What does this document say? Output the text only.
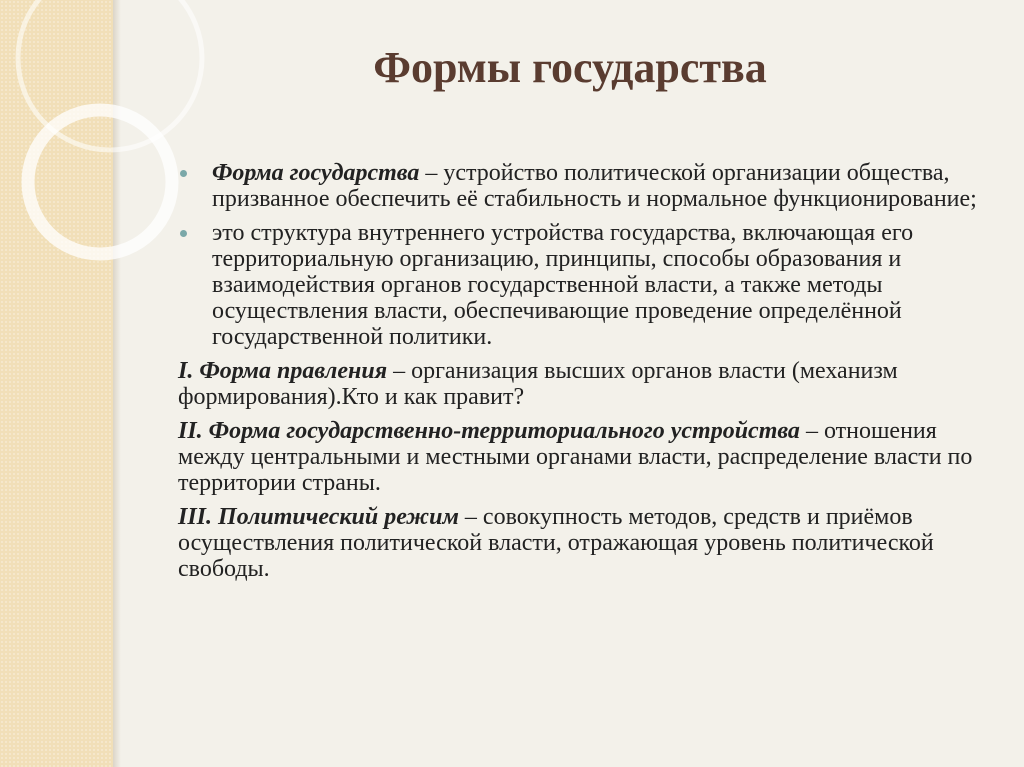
Формы государства
Форма государства – устройство политической организации общества, призванное обеспечить её стабильность и нормальное функционирование;
это структура внутреннего устройства государства, включающая его территориальную организацию, принципы, способы образования и взаимодействия органов государственной власти, а также методы осуществления власти, обеспечивающие проведение определённой государственной политики.
I. Форма правления – организация высших органов власти (механизм формирования).Кто и как правит?
II. Форма государственно-территориального устройства – отношения между центральными и местными органами власти, распределение власти по территории страны.
III. Политический режим – совокупность методов, средств и приёмов осуществления политической власти, отражающая уровень политической свободы.
